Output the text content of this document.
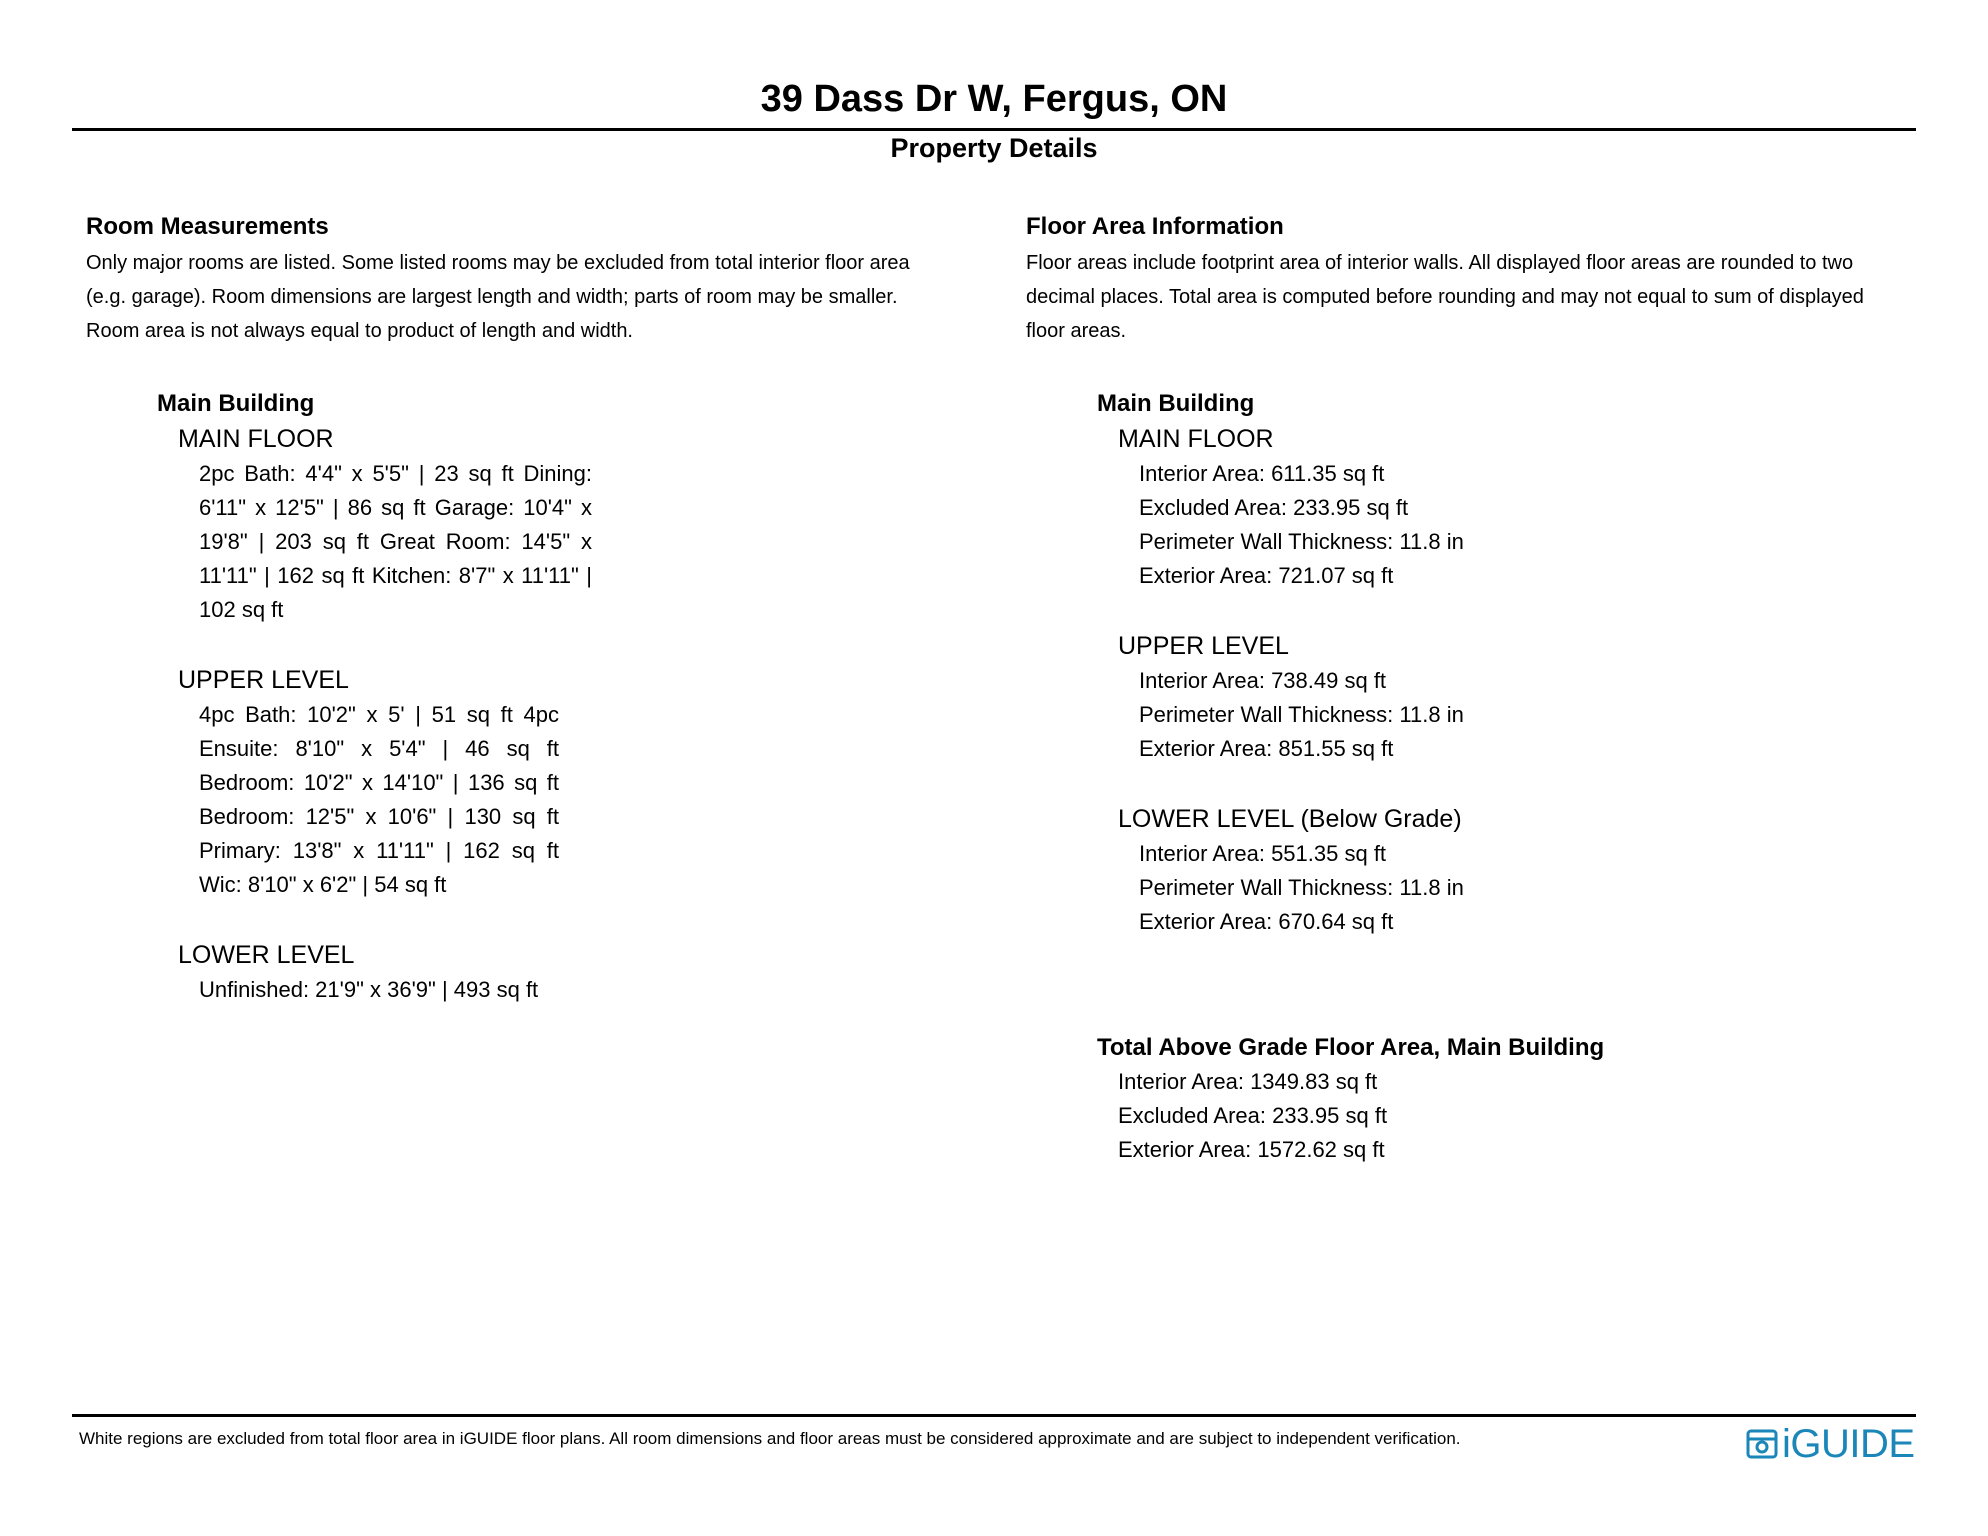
39 Dass Dr W, Fergus, ON
Property Details
Room Measurements
Only major rooms are listed. Some listed rooms may be excluded from total interior floor area
(e.g. garage). Room dimensions are largest length and width; parts of room may be smaller.
Room area is not always equal to product of length and width.
Main Building
MAIN FLOOR

2pc Bath: 4'4" x 5'5" | 23 sq ft Dining: 6'11" x 12'5" | 86 sq ft Garage: 10'4" x 19'8" | 203 sq ft Great Room: 14'5" x 11'11" | 162 sq ft Kitchen: 8'7" x 11'11" | 102 sq ft

UPPER LEVEL

4pc Bath: 10'2" x 5' | 51 sq ft 4pc Ensuite: 8'10" x 5'4" | 46 sq ft Bedroom: 10'2" x 14'10" | 136 sq ft Bedroom: 12'5" x 10'6" | 130 sq ft Primary: 13'8" x 11'11" | 162 sq ft Wic: 8'10" x 6'2" | 54 sq ft

LOWER LEVEL

Unfinished: 21'9" x 36'9" | 493 sq ft

Floor Area Information
Floor areas include footprint area of interior walls. All displayed floor areas are rounded to two
decimal places. Total area is computed before rounding and may not equal to sum of displayed
floor areas.
Main Building
MAIN FLOOR
Interior Area: 611.35 sq ft
Excluded Area: 233.95 sq ft
Perimeter Wall Thickness: 11.8 in
Exterior Area: 721.07 sq ft
UPPER LEVEL
Interior Area: 738.49 sq ft
Perimeter Wall Thickness: 11.8 in
Exterior Area: 851.55 sq ft
LOWER LEVEL (Below Grade)
Interior Area: 551.35 sq ft
Perimeter Wall Thickness: 11.8 in
Exterior Area: 670.64 sq ft
Total Above Grade Floor Area, Main Building
Interior Area: 1349.83 sq ft
Excluded Area: 233.95 sq ft
Exterior Area: 1572.62 sq ft
White regions are excluded from total floor area in iGUIDE floor plans. All room dimensions and floor areas must be considered approximate and are subject to independent verification.	iGUIDE
